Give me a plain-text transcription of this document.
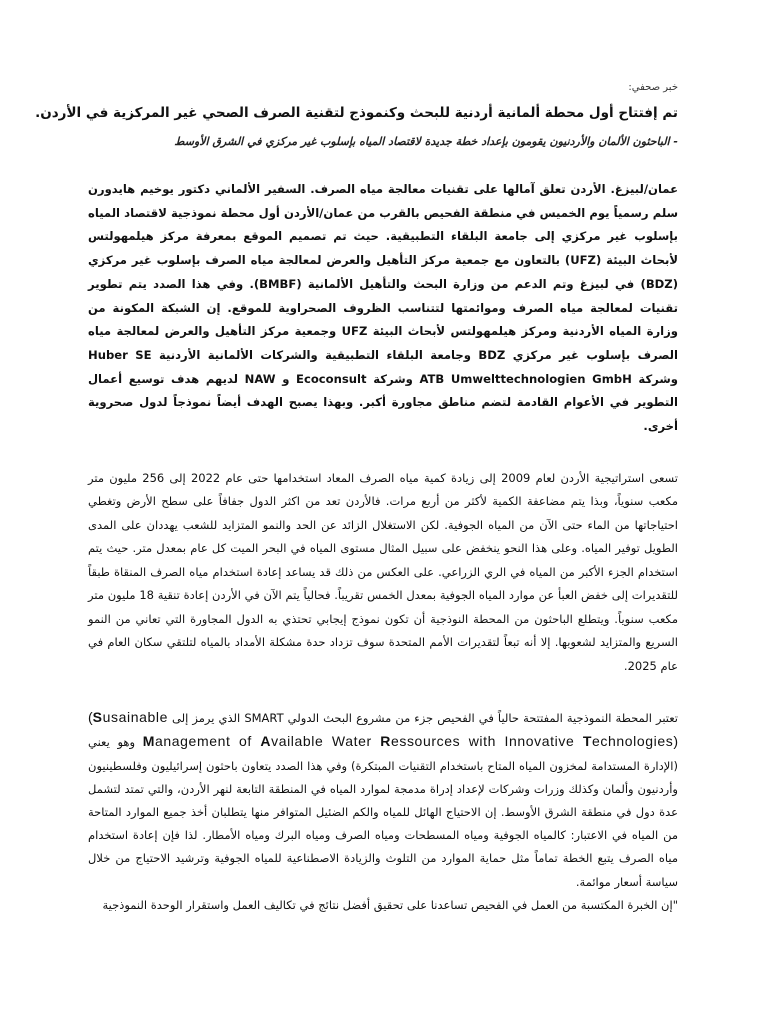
خبر صحفي:
تم إفتتاح أول محطة ألمانية أردنية للبحث وكنموذج لتقنية الصرف الصحي غير المركزية في الأردن.
- الباحثون الألمان والأردنيون يقومون بإعداد خطة جديدة لاقتصاد المياه بإسلوب غير مركزي في الشرق الأوسط

عمان/لبيزغ. الأردن تعلق آمالها على تقنيات معالجة مياه الصرف. السفير الألماني دكتور يوخيم هايدورن سلم رسمياً يوم الخميس في منطقة الفحيص بالقرب من عمان/الأردن أول محطة نموذجية لاقتصاد المياه بإسلوب غير مركزي إلى جامعة البلقاء التطبيقية. حيث تم تصميم الموقع بمعرفة مركز هيلمهولتس لأبحاث البيئة (UFZ) بالتعاون مع جمعية مركز التأهيل والعرض لمعالجة مياه الصرف بإسلوب غير مركزي (BDZ) في لبيزغ وتم الدعم من وزارة البحث والتأهيل الألمانية (BMBF). وفي هذا الصدد يتم تطوير تقنيات لمعالجة مياه الصرف وموائمتها لتتناسب الظروف الصحراوية للموقع. إن الشبكة المكونة من وزارة المياه الأردنية ومركز هيلمهولتس لأبحاث البيئة UFZ وجمعية مركز التأهيل والعرض لمعالجة مياه الصرف بإسلوب غير مركزي BDZ وجامعة البلقاء التطبيقية والشركات الألمانية الأردنية Huber SE وشركة ATB Umwelttechnologien GmbH وشركة Ecoconsult و NAW لديهم هدف توسيع أعمال التطوير في الأعوام القادمة لتضم مناطق مجاورة أكبر. وبهذا يصبح الهدف أيضاً نموذجاً لدول صحروية أخرى.

تسعى استراتيجية الأردن لعام 2009 إلى زيادة كمية مياه الصرف المعاد استخدامها حتى عام 2022 إلى 256 مليون متر مكعب سنوياً، وبذا يتم مضاعفة الكمية لأكثر من أربع مرات. فالأردن تعد من اكثر الدول جفافاً على سطح الأرض وتغطي احتياجاتها من الماء حتى الآن من المياه الجوفية. لكن الاستغلال الزائد عن الحد والنمو المتزايد للشعب يهددان على المدى الطويل توفير المياه. وعلى هذا النحو ينخفض على سبيل المثال مستوى المياه في البحر الميت كل عام بمعدل متر. حيث يتم استخدام الجزء الأكبر من المياه في الري الزراعي. على العكس من ذلك قد يساعد إعادة استخدام مياه الصرف المنقاة طبقاً للتقديرات إلى خفض العبأ عن موارد المياه الجوفية بمعدل الخمس تقريباً. فحالياً يتم الآن في الأردن إعادة تنقية 18 مليون متر مكعب سنوياً. ويتطلع الباحثون من المحطة النوذجية أن تكون نموذج إيجابي تحتذي به الدول المجاورة التي تعاني من النمو السريع والمتزايد لشعوبها. إلا أنه تبعاً لتقديرات الأمم المتحدة سوف تزداد حدة مشكلة الأمداد بالمياه لتلتقي سكان العام في عام 2025.

تعتبر المحطة النموذجية المفتتحة حالياً في الفحيص جزء من مشروع البحث الدولي SMART الذي يرمز إلى (Susainable Management of Available Water Ressources with Innovative Technologies) وهو يعني (الإدارة المستدامة لمخزون المياه المتاح باستخدام التقنيات المبتكرة) وفي هذا الصدد يتعاون باحثون إسرائيليون وفلسطينيون وأردنيون وألمان وكذلك وزرات وشركات لإعداد إدراة مدمجة لموارد المياه في المنطقة التابعة لنهر الأردن، والتي تمتد لتشمل عدة دول في منطقة الشرق الأوسط. إن الاحتياج الهائل للمياه والكم الضئيل المتوافر منها يتطلبان أخذ جميع الموارد المتاحة من المياه في الاعتبار: كالمياه الجوفية ومياه المسطحات ومياه الصرف ومياه البرك ومياه الأمطار. لذا فإن إعادة استخدام مياه الصرف يتبع الخطة تماماً مثل حماية الموارد من التلوث والزيادة الاصطناعية للمياه الجوفية وترشيد الاحتياج من خلال سياسة أسعار موائمة.
"إن الخبرة المكتسبة من العمل في الفحيص تساعدنا على تحقيق أفضل نتائج في تكاليف العمل واستقرار الوحدة النموذجية
